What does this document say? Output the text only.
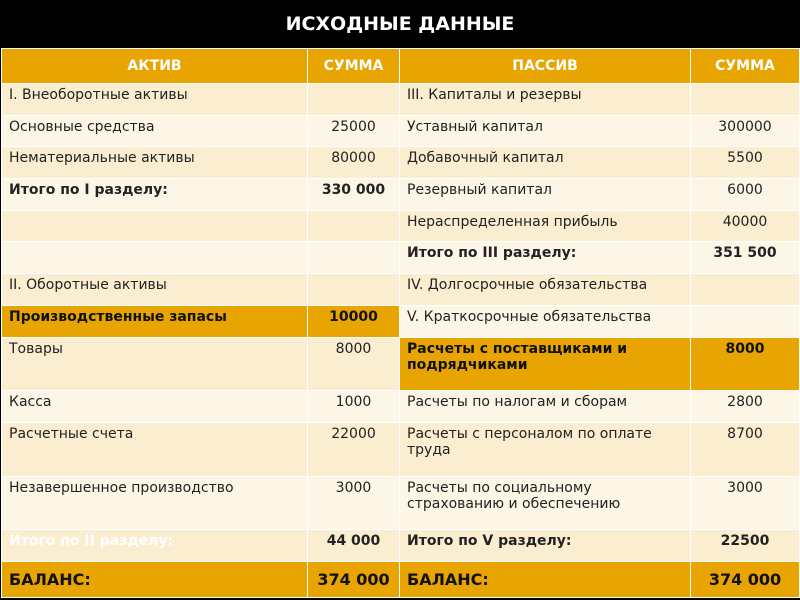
ИСХОДНЫЕ ДАННЫЕ
АКТИВ	СУММА	ПАССИВ	СУММА
I. Внеоборотные активы		III. Капиталы и резервы	
Основные средства	25000	Уставный капитал	300000
Нематериальные активы	80000	Добавочный капитал	5500
Итого по I разделу:	330 000	Резервный капитал	6000
		Нераспределенная прибыль	40000
		Итого по III разделу:	351 500
II. Оборотные активы		IV. Долгосрочные обязательства	
Производственные запасы	10000	V. Краткосрочные обязательства	
Товары	8000	Расчеты с поставщиками и подрядчиками	8000
Касса	1000	Расчеты по налогам и сборам	2800
Расчетные счета	22000	Расчеты с персоналом по оплате труда	8700
Незавершенное производство	3000	Расчеты по социальному страхованию и обеспечению	3000
Итого по II разделу:	44 000	Итого по V разделу:	22500
БАЛАНС:	374 000	БАЛАНС:	374 000
